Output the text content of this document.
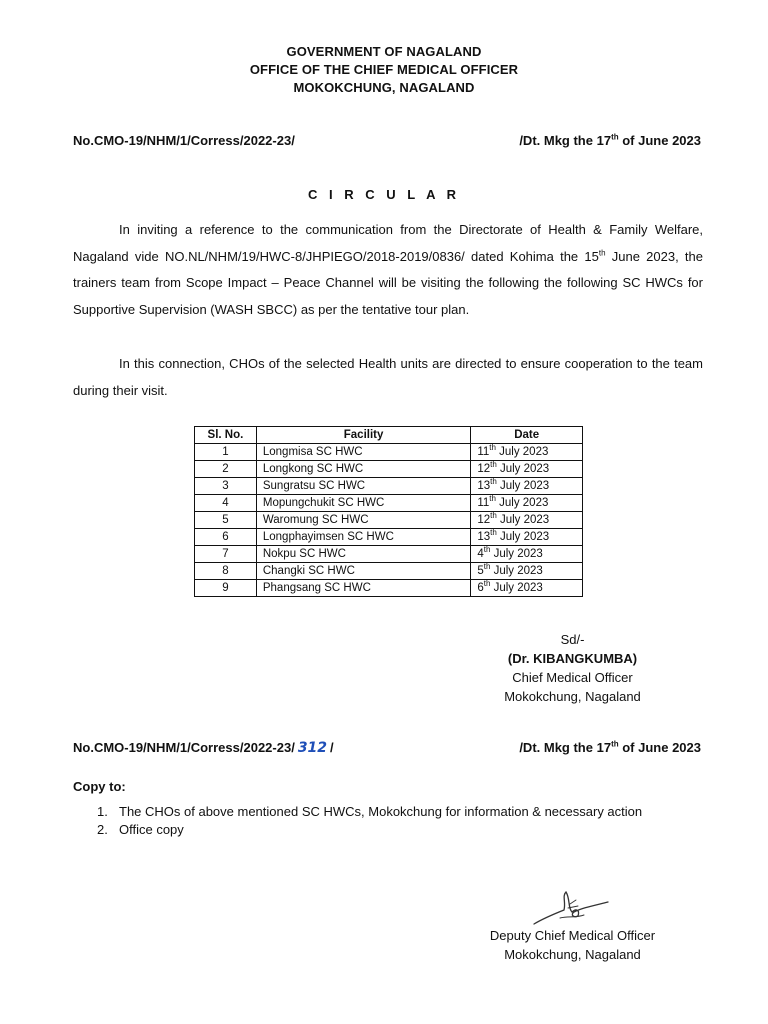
GOVERNMENT OF NAGALAND
OFFICE OF THE CHIEF MEDICAL OFFICER
MOKOKCHUNG, NAGALAND
No.CMO-19/NHM/1/Corress/2022-23/	/Dt. Mkg the 17th of June 2023
C I R C U L A R
In inviting a reference to the communication from the Directorate of Health & Family Welfare, Nagaland vide NO.NL/NHM/19/HWC-8/JHPIEGO/2018-2019/0836/ dated Kohima the 15th June 2023, the trainers team from Scope Impact – Peace Channel will be visiting the following the following SC HWCs for Supportive Supervision (WASH SBCC) as per the tentative tour plan.
In this connection, CHOs of the selected Health units are directed to ensure cooperation to the team during their visit.
Sl. No.	Facility	Date
1	Longmisa SC HWC	11th July 2023
2	Longkong SC HWC	12th July 2023
3	Sungratsu SC HWC	13th July 2023
4	Mopungchukit SC HWC	11th July 2023
5	Waromung SC HWC	12th July 2023
6	Longphayimsen SC HWC	13th July 2023
7	Nokpu SC HWC	4th July 2023
8	Changki SC HWC	5th July 2023
9	Phangsang SC HWC	6th July 2023
Sd/-
(Dr. KIBANGKUMBA)
Chief Medical Officer
Mokokchung, Nagaland
No.CMO-19/NHM/1/Corress/2022-23/ 312 /	/Dt. Mkg the 17th of June 2023
Copy to:
1. The CHOs of above mentioned SC HWCs, Mokokchung for information & necessary action
2. Office copy
Deputy Chief Medical Officer
Mokokchung, Nagaland
